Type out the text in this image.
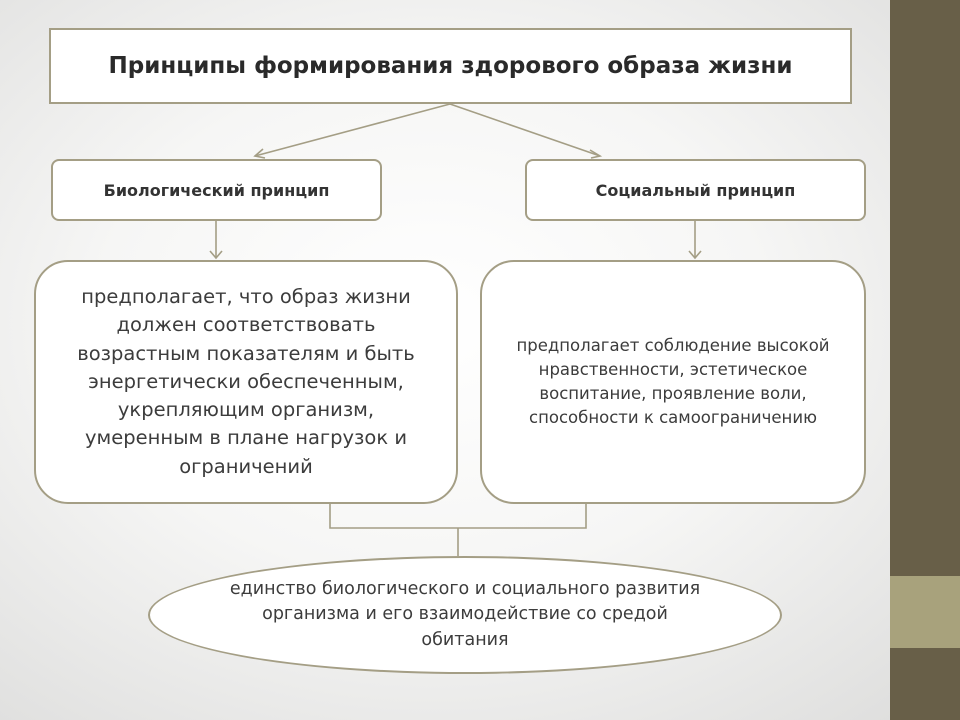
Принципы формирования здорового образа жизни
Биологический принцип	Социальный принцип
предполагает, что образ жизни должен соответствовать возрастным показателям и быть энергетически обеспеченным, укрепляющим организм, умеренным в плане нагрузок и ограничений
предполагает соблюдение высокой нравственности, эстетическое воспитание, проявление воли, способности к самоограничению
единство биологического и социального развития организма и его взаимодействие со средой обитания
